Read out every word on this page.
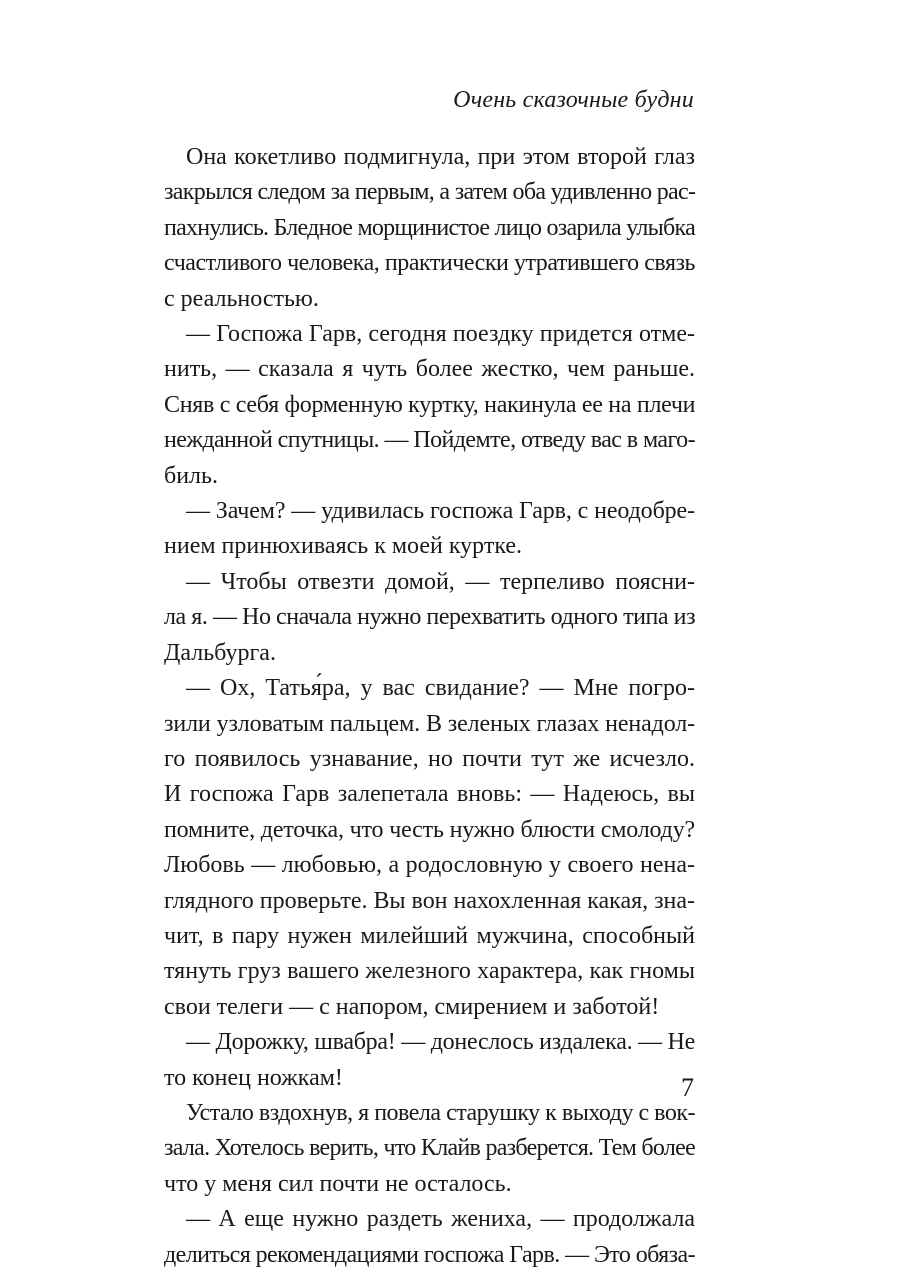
Очень сказочные будни

Она кокетливо подмигнула, при этом второй глаз
закрылся следом за первым, а затем оба удивленно рас-
пахнулись. Бледное морщинистое лицо озарила улыбка
счастливого человека, практически утратившего связь
с реальностью.

— Госпожа Гарв, сегодня поездку придется отме-
нить, — сказала я чуть более жестко, чем раньше.
Сняв с себя форменную куртку, накинула ее на плечи
нежданной спутницы. — Пойдемте, отведу вас в маго-
биль.

— Зачем? — удивилась госпожа Гарв, с неодобре-
нием принюхиваясь к моей куртке.

— Чтобы отвезти домой, — терпеливо поясни-
ла я. — Но сначала нужно перехватить одного типа из
Дальбурга.

— Ох, Татья́ра, у вас свидание? — Мне погро-
зили узловатым пальцем. В зеленых глазах ненадол-
го появилось узнавание, но почти тут же исчезло.
И госпожа Гарв залепетала вновь: — Надеюсь, вы
помните, деточка, что честь нужно блюсти смолоду?
Любовь — любовью, а родословную у своего нена-
глядного проверьте. Вы вон нахохленная какая, зна-
чит, в пару нужен милейший мужчина, способный
тянуть груз вашего железного характера, как гномы
свои телеги — с напором, смирением и заботой!

— Дорожку, швабра! — донеслось издалека. — Не
то конец ножкам!

Устало вздохнув, я повела старушку к выходу с вок-
зала. Хотелось верить, что Клайв разберется. Тем более
что у меня сил почти не осталось.

— А еще нужно раздеть жениха, — продолжала
делиться рекомендациями госпожа Гарв. — Это обяза-

7
